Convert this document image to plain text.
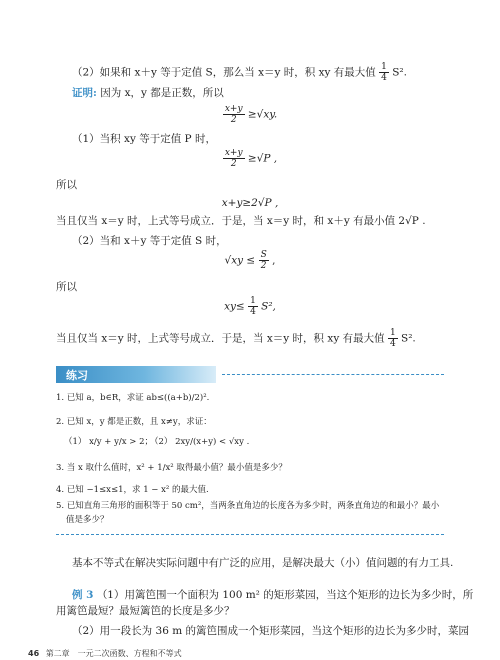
（2）如果和 x＋y 等于定值 S，那么当 x＝y 时，积 xy 有最大值 $\frac{1}{4} S^2$.
证明: 因为 x，y 都是正数，所以
$\frac{x+y}{2} \ge√xy$.
（1）当积 xy 等于定值 P 时，
$\frac{x+y}{2} \ge√P$ ,
所以
x+y≥2√P ,
当且仅当 x＝y 时，上式等号成立．于是，当 x＝y 时，和 x＋y 有最小值 2√P .
（2）当和 x＋y 等于定值 S 时，
$√xy \le \frac{S}{2}$ ,
所以
$xy\le \frac{1}{4} S^2$,
当且仅当 x＝y 时，上式等号成立．于是，当 x＝y 时，积 xy 有最大值 $\frac{1}{4} S^2$.
练习
1. 已知 a，b∈R，求证 ab≤((a+b)/2)².
2. 已知 x，y 都是正数，且 x≠y，求证：
（1） x/y + y/x > 2；
（2） 2xy/(x+y) < √xy .
3. 当 x 取什么值时，x² + 1/x² 取得最小值？最小值是多少？
4. 已知 −1≤x≤1，求 1 − x² 的最大值.
5. 已知直角三角形的面积等于 50 cm²，当两条直角边的长度各为多少时，两条直角边的和最小？最小
值是多少？
基本不等式在解决实际问题中有广泛的应用，是解决最大（小）值问题的有力工具.
例 3 （1）用篱笆围一个面积为 100 m² 的矩形菜园，当这个矩形的边长为多少时，所
用篱笆最短？最短篱笆的长度是多少？
（2）用一段长为 36 m 的篱笆围成一个矩形菜园，当这个矩形的边长为多少时，菜园
46 第二章　一元二次函数、方程和不等式
